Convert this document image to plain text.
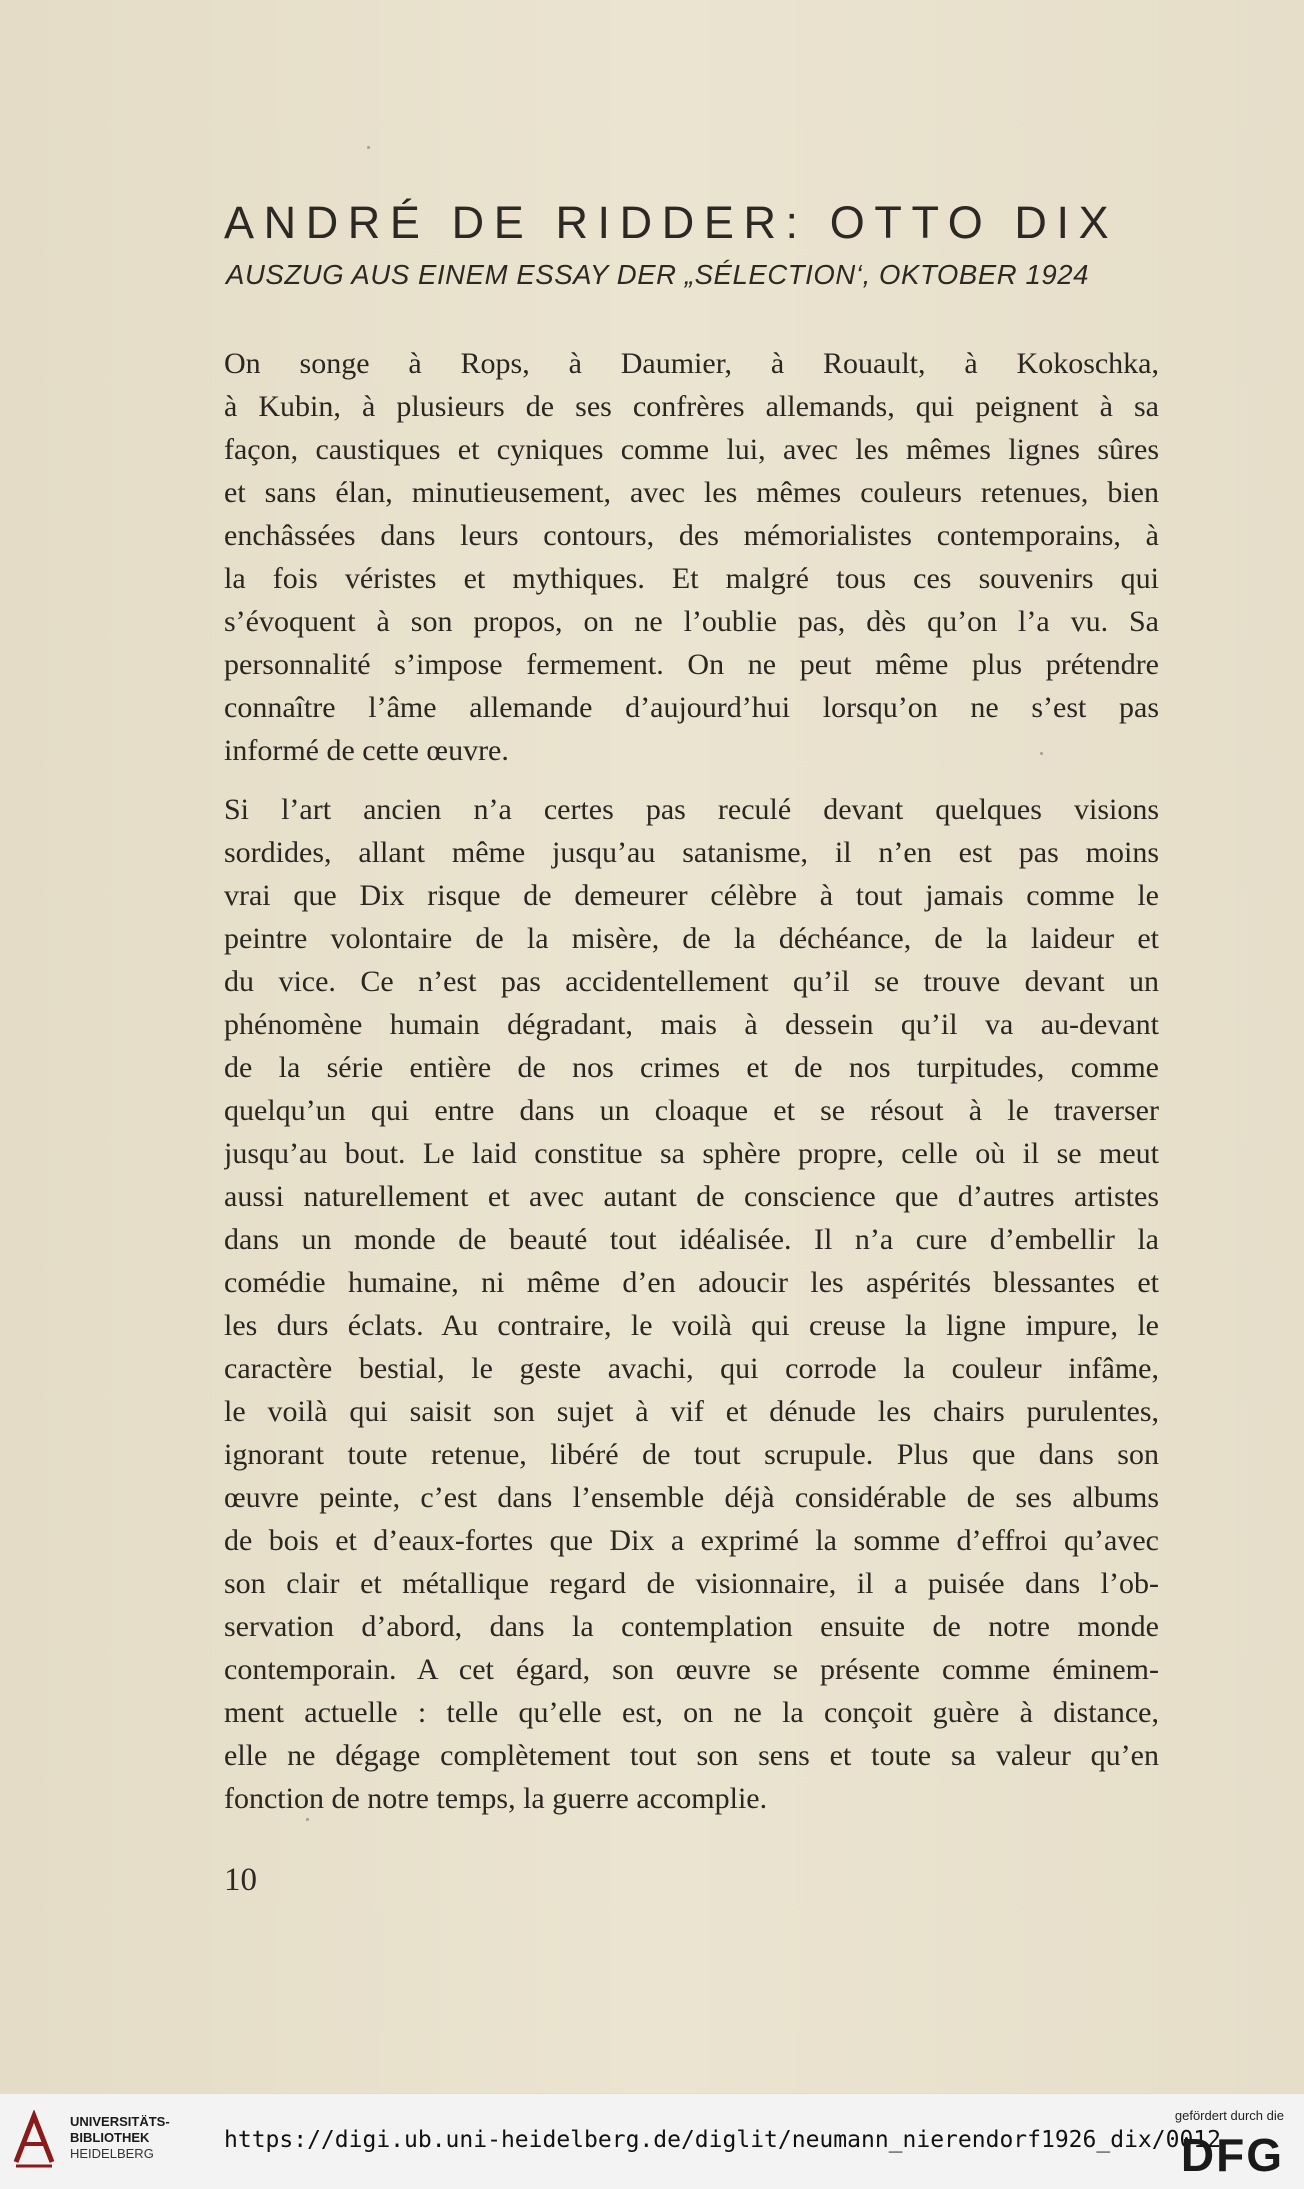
ANDRÉ DE RIDDER: OTTO DIX
AUSZUG AUS EINEM ESSAY DER „SÉLECTION‘, OKTOBER 1924
On songe à Rops, à Daumier, à Rouault, à Kokoschka,
à Kubin, à plusieurs de ses confrères allemands, qui peignent à sa
façon, caustiques et cyniques comme lui, avec les mêmes lignes sûres
et sans élan, minutieusement, avec les mêmes couleurs retenues, bien
enchâssées dans leurs contours, des mémorialistes contemporains, à
la fois véristes et mythiques. Et malgré tous ces souvenirs qui
s’évoquent à son propos, on ne l’oublie pas, dès qu’on l’a vu. Sa
personnalité s’impose fermement. On ne peut même plus prétendre
connaître l’âme allemande d’aujourd’hui lorsqu’on ne s’est pas
informé de cette œuvre.
Si l’art ancien n’a certes pas reculé devant quelques visions
sordides, allant même jusqu’au satanisme, il n’en est pas moins
vrai que Dix risque de demeurer célèbre à tout jamais comme le
peintre volontaire de la misère, de la déchéance, de la laideur et
du vice. Ce n’est pas accidentellement qu’il se trouve devant un
phénomène humain dégradant, mais à dessein qu’il va au-devant
de la série entière de nos crimes et de nos turpitudes, comme
quelqu’un qui entre dans un cloaque et se résout à le traverser
jusqu’au bout. Le laid constitue sa sphère propre, celle où il se meut
aussi naturellement et avec autant de conscience que d’autres artistes
dans un monde de beauté tout idéalisée. Il n’a cure d’embellir la
comédie humaine, ni même d’en adoucir les aspérités blessantes et
les durs éclats. Au contraire, le voilà qui creuse la ligne impure, le
caractère bestial, le geste avachi, qui corrode la couleur infâme,
le voilà qui saisit son sujet à vif et dénude les chairs purulentes,
ignorant toute retenue, libéré de tout scrupule. Plus que dans son
œuvre peinte, c’est dans l’ensemble déjà considérable de ses albums
de bois et d’eaux-fortes que Dix a exprimé la somme d’effroi qu’avec
son clair et métallique regard de visionnaire, il a puisée dans l’ob-
servation d’abord, dans la contemplation ensuite de notre monde
contemporain. A cet égard, son œuvre se présente comme éminem-
ment actuelle : telle qu’elle est, on ne la conçoit guère à distance,
elle ne dégage complètement tout son sens et toute sa valeur qu’en
fonction de notre temps, la guerre accomplie.
10
UNIVERSITÄTS-
BIBLIOTHEK
HEIDELBERG
https://digi.ub.uni-heidelberg.de/diglit/neumann_nierendorf1926_dix/0012
gefördert durch die
DFG
